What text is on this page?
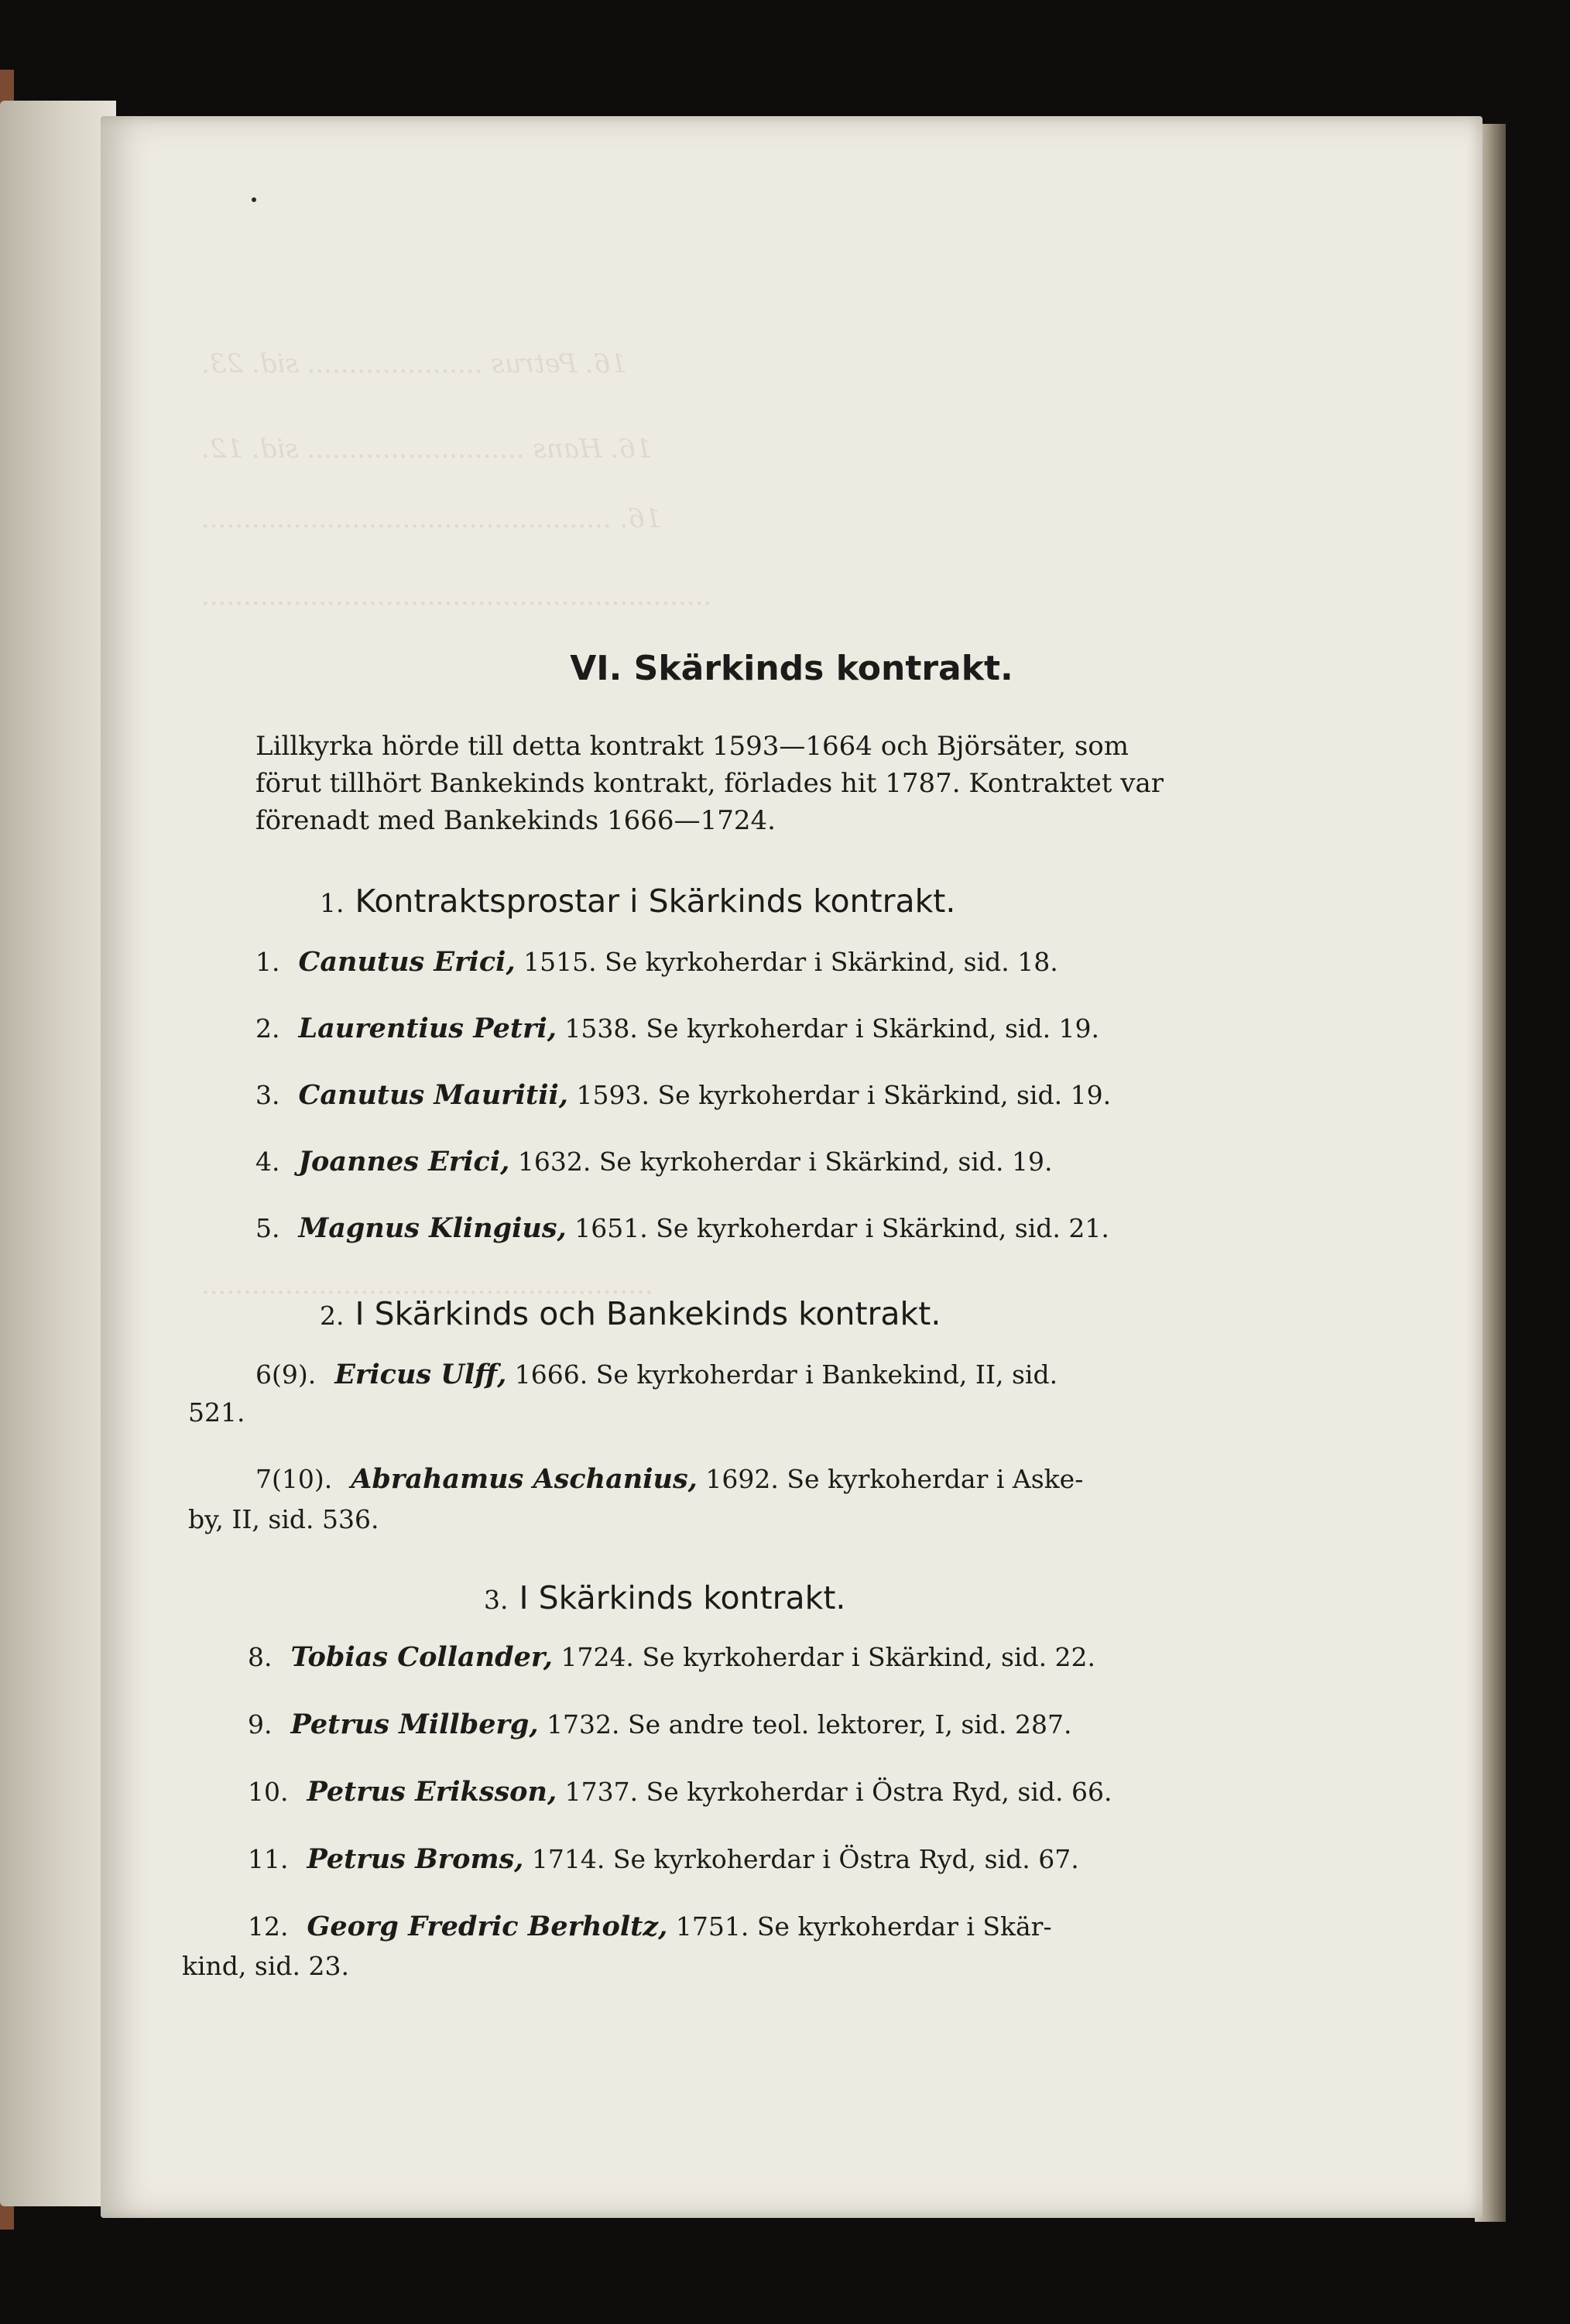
16. Petrus ..................... sid. 23.
16. Hans .......................... sid. 12.
16. .................................................
.............................................................
......................................................
VI. Skärkinds kontrakt.
Lillkyrka hörde till detta kontrakt 1593—1664 och Björsäter, som
förut tillhört Bankekinds kontrakt, förlades hit 1787. Kontraktet var
förenadt med Bankekinds 1666—1724.
1. Kontraktsprostar i Skärkinds kontrakt.
1. Canutus Erici, 1515. Se kyrkoherdar i Skärkind, sid. 18.
2. Laurentius Petri, 1538. Se kyrkoherdar i Skärkind, sid. 19.
3. Canutus Mauritii, 1593. Se kyrkoherdar i Skärkind, sid. 19.
4. Joannes Erici, 1632. Se kyrkoherdar i Skärkind, sid. 19.
5. Magnus Klingius, 1651. Se kyrkoherdar i Skärkind, sid. 21.
2. I Skärkinds och Bankekinds kontrakt.
6(9). Ericus Ulff, 1666. Se kyrkoherdar i Bankekind, II, sid.
521.
7(10). Abrahamus Aschanius, 1692. Se kyrkoherdar i Aske-
by, II, sid. 536.
3. I Skärkinds kontrakt.
8. Tobias Collander, 1724. Se kyrkoherdar i Skärkind, sid. 22.
9. Petrus Millberg, 1732. Se andre teol. lektorer, I, sid. 287.
10. Petrus Eriksson, 1737. Se kyrkoherdar i Östra Ryd, sid. 66.
11. Petrus Broms, 1714. Se kyrkoherdar i Östra Ryd, sid. 67.
12. Georg Fredric Berholtz, 1751. Se kyrkoherdar i Skär-
kind, sid. 23.
